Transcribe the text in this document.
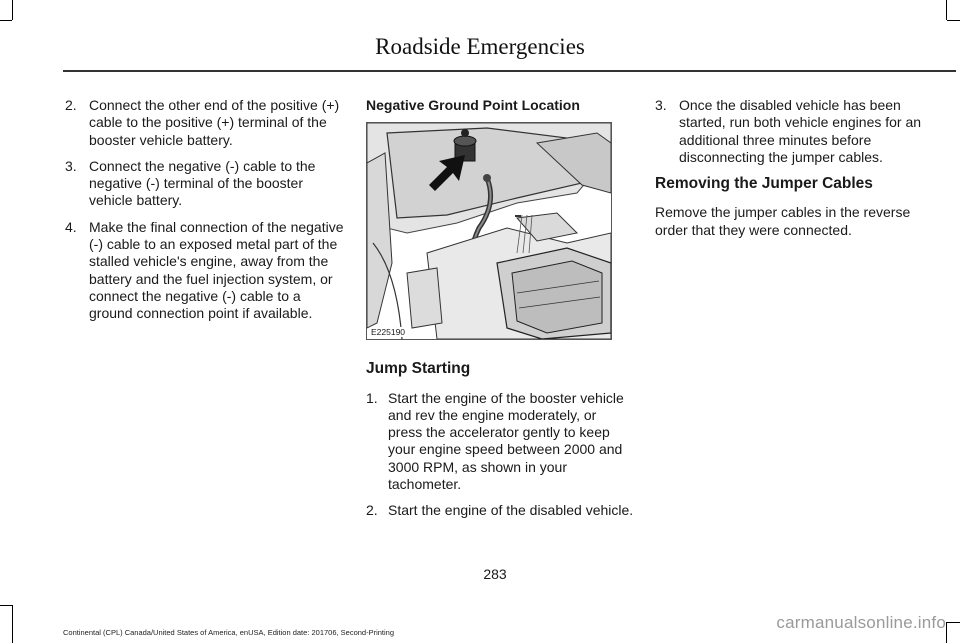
Roadside Emergencies
2. Connect the other end of the positive (+) cable to the positive (+) terminal of the booster vehicle battery.
3. Connect the negative (-) cable to the negative (-) terminal of the booster vehicle battery.
4. Make the final connection of the negative (-) cable to an exposed metal part of the stalled vehicle's engine, away from the battery and the fuel injection system, or connect the negative (-) cable to a ground connection point if available.
Negative Ground Point Location
E225190
Jump Starting
1. Start the engine of the booster vehicle and rev the engine moderately, or press the accelerator gently to keep your engine speed between 2000 and 3000 RPM, as shown in your tachometer.
2. Start the engine of the disabled vehicle.
3. Once the disabled vehicle has been started, run both vehicle engines for an additional three minutes before disconnecting the jumper cables.
Removing the Jumper Cables

Remove the jumper cables in the reverse order that they were connected.

283
Continental (CPL) Canada/United States of America, enUSA, Edition date: 201706, Second-Printing
carmanualsonline.info
